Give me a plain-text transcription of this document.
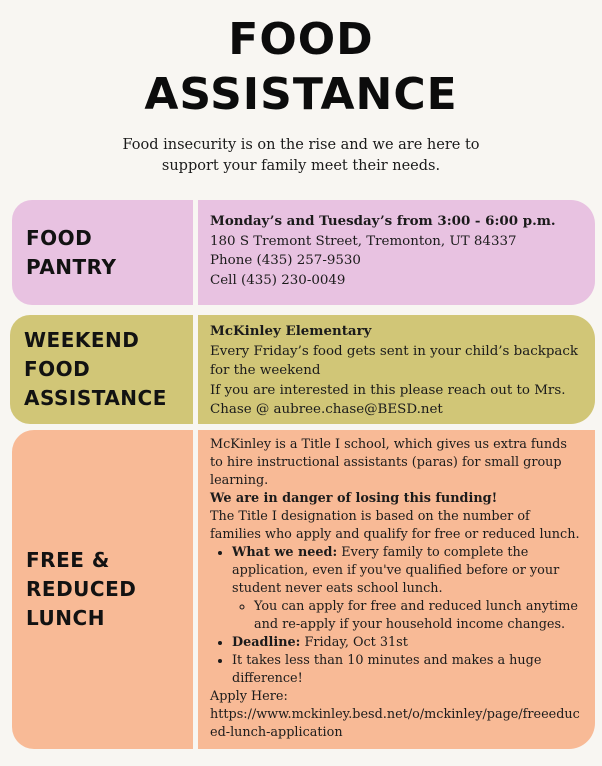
FOOD
ASSISTANCE
Food insecurity is on the rise and we are here to
support your family meet their needs.
FOOD
PANTRY
Monday’s and Tuesday’s from 3:00 - 6:00 p.m.
180 S Tremont Street, Tremonton, UT 84337
Phone (435) 257-9530
Cell (435) 230-0049
WEEKEND
FOOD
ASSISTANCE
McKinley Elementary
Every Friday’s food gets sent in your child’s backpack for the weekend
If you are interested in this please reach out to Mrs. Chase @ aubree.chase@BESD.net
FREE &
REDUCED
LUNCH
McKinley is a Title I school, which gives us extra funds to hire instructional assistants (paras) for small group learning.
We are in danger of losing this funding!
The Title I designation is based on the number of families who apply and qualify for free or reduced lunch.
• What we need: Every family to complete the application, even if you've qualified before or your student never eats school lunch.
◦ You can apply for free and reduced lunch anytime and re-apply if your household income changes.
• Deadline: Friday, Oct 31st
• It takes less than 10 minutes and makes a huge difference!
Apply Here:
https://www.mckinley.besd.net/o/mckinley/page/freeeduced-lunch-application
